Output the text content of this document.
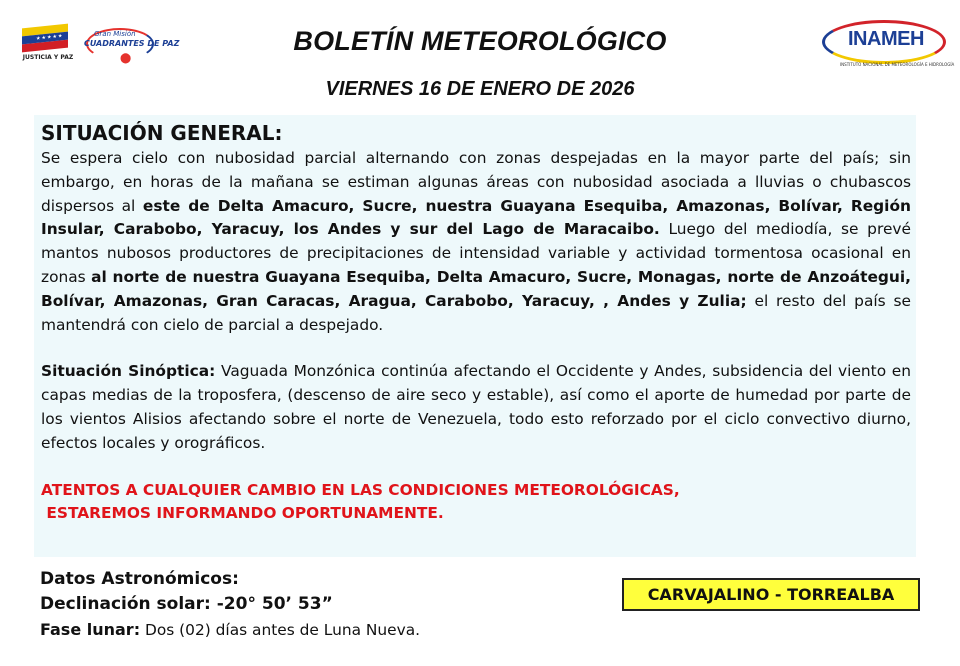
★★★★★
JUSTICIA Y PAZ
Gran Misión
CUADRANTES DE PAZ
⬤
BOLETÍN METEOROLÓGICO
VIERNES 16 DE ENERO DE 2026
INAMEH
INSTITUTO NACIONAL DE METEOROLOGÍA E HIDROLOGÍA
SITUACIÓN GENERAL:

Se espera cielo con nubosidad parcial alternando con zonas despejadas en la mayor parte del país; sin embargo, en horas de la mañana se estiman algunas áreas con nubosidad asociada a lluvias o chubascos dispersos al este de Delta Amacuro, Sucre, nuestra Guayana Esequiba, Amazonas, Bolívar, Región Insular, Carabobo, Yaracuy, los Andes y sur del Lago de Maracaibo. Luego del mediodía, se prevé mantos nubosos productores de precipitaciones de intensidad variable y actividad tormentosa ocasional en zonas al norte de nuestra Guayana Esequiba, Delta Amacuro, Sucre, Monagas, norte de Anzoátegui, Bolívar, Amazonas, Gran Caracas, Aragua, Carabobo, Yaracuy, , Andes y Zulia; el resto del país se mantendrá con cielo de parcial a despejado.

Situación Sinóptica: Vaguada Monzónica continúa afectando el Occidente y Andes, subsidencia del viento en capas medias de la troposfera, (descenso de aire seco y estable), así como el aporte de humedad por parte de los vientos Alisios afectando sobre el norte de Venezuela, todo esto reforzado por el ciclo convectivo diurno, efectos locales y orográficos.

ATENTOS A CUALQUIER CAMBIO EN LAS CONDICIONES METEOROLÓGICAS,

ESTAREMOS INFORMANDO OPORTUNAMENTE.

Datos Astronómicos:
Declinación solar: -20° 50’ 53”
Fase lunar: Dos (02) días antes de Luna Nueva.
CARVAJALINO - TORREALBA
